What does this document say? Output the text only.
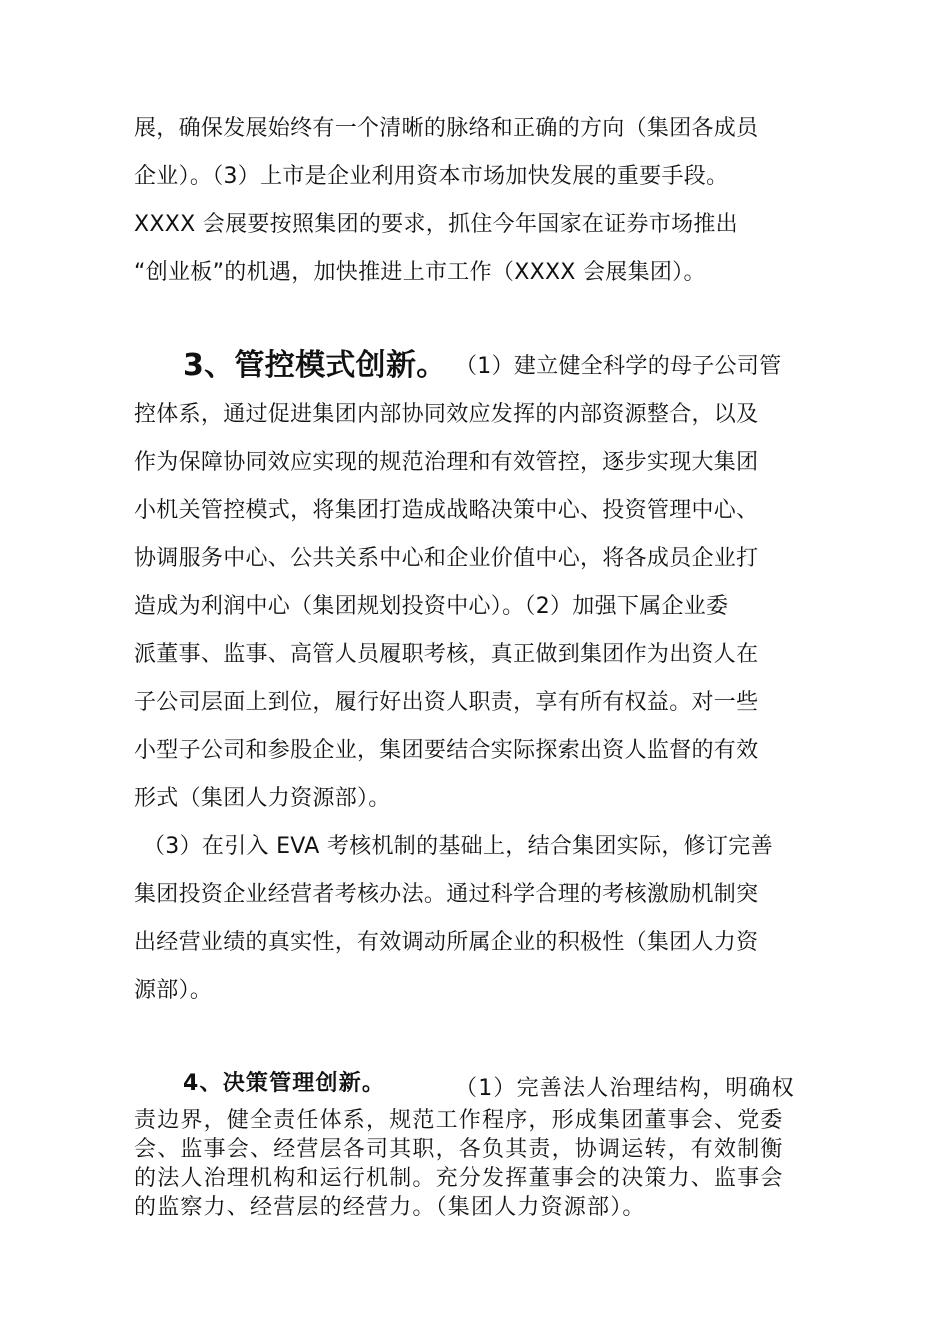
展，确保发展始终有一个清晰的脉络和正确的方向（集团各成员
企业）。（3）上市是企业利用资本市场加快发展的重要手段。
XXXX 会展要按照集团的要求，抓住今年国家在证券市场推出
“创业板”的机遇，加快推进上市工作（XXXX 会展集团）。
3、管控模式创新。 （1）建立健全科学的母子公司管
控体系，通过促进集团内部协同效应发挥的内部资源整合，以及
作为保障协同效应实现的规范治理和有效管控，逐步实现大集团
小机关管控模式，将集团打造成战略决策中心、投资管理中心、
协调服务中心、公共关系中心和企业价值中心，将各成员企业打
造成为利润中心（集团规划投资中心）。（2）加强下属企业委
派董事、监事、高管人员履职考核，真正做到集团作为出资人在
子公司层面上到位，履行好出资人职责，享有所有权益。对一些
小型子公司和参股企业，集团要结合实际探索出资人监督的有效
形式（集团人力资源部）。
（3）在引入 EVA 考核机制的基础上，结合集团实际，修订完善
集团投资企业经营者考核办法。通过科学合理的考核激励机制突
出经营业绩的真实性，有效调动所属企业的积极性（集团人力资
源部）。
4、决策管理创新。	（1）完善法人治理结构，明确权
责边界，健全责任体系，规范工作程序，形成集团董事会、党委
会、监事会、经营层各司其职，各负其责，协调运转，有效制衡
的法人治理机构和运行机制。充分发挥董事会的决策力、监事会
的监察力、经营层的经营力。（集团人力资源部）。
